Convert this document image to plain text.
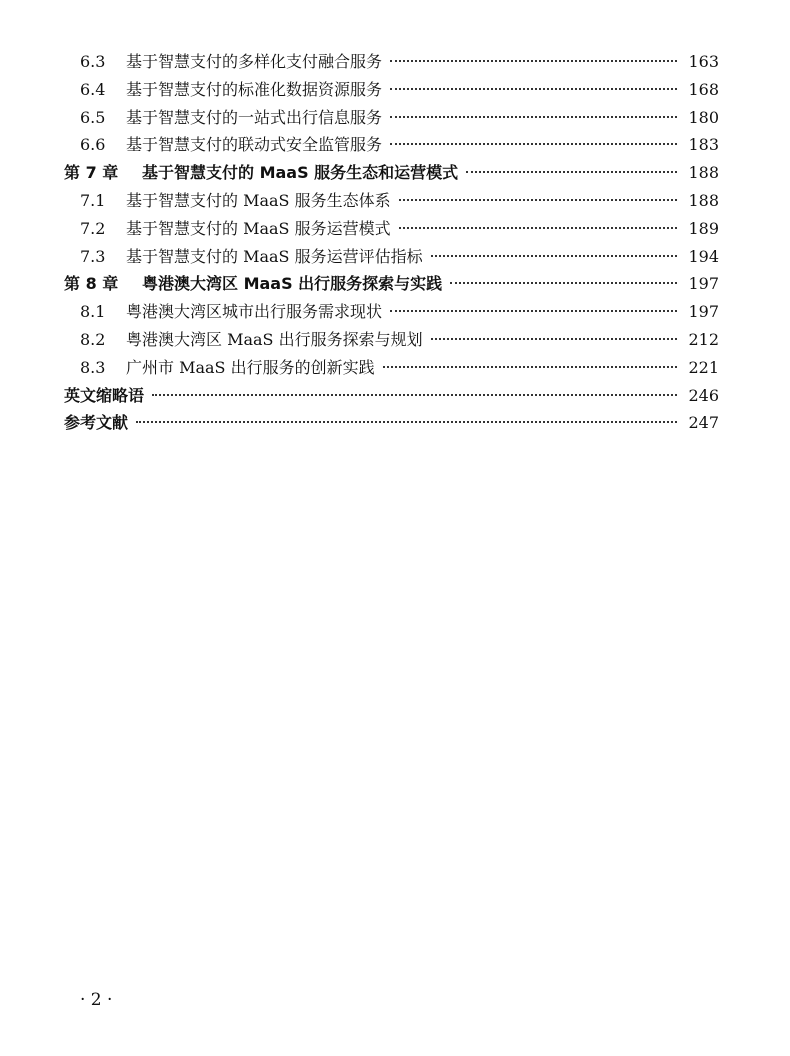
6.3	基于智慧支付的多样化支付融合服务	163
6.4	基于智慧支付的标准化数据资源服务	168
6.5	基于智慧支付的一站式出行信息服务	180
6.6	基于智慧支付的联动式安全监管服务	183
第 7 章	基于智慧支付的 MaaS 服务生态和运营模式	188
7.1	基于智慧支付的 MaaS 服务生态体系	188
7.2	基于智慧支付的 MaaS 服务运营模式	189
7.3	基于智慧支付的 MaaS 服务运营评估指标	194
第 8 章	粤港澳大湾区 MaaS 出行服务探索与实践	197
8.1	粤港澳大湾区城市出行服务需求现状	197
8.2	粤港澳大湾区 MaaS 出行服务探索与规划	212
8.3	广州市 MaaS 出行服务的创新实践	221
英文缩略语	246
参考文献	247
· 2 ·
